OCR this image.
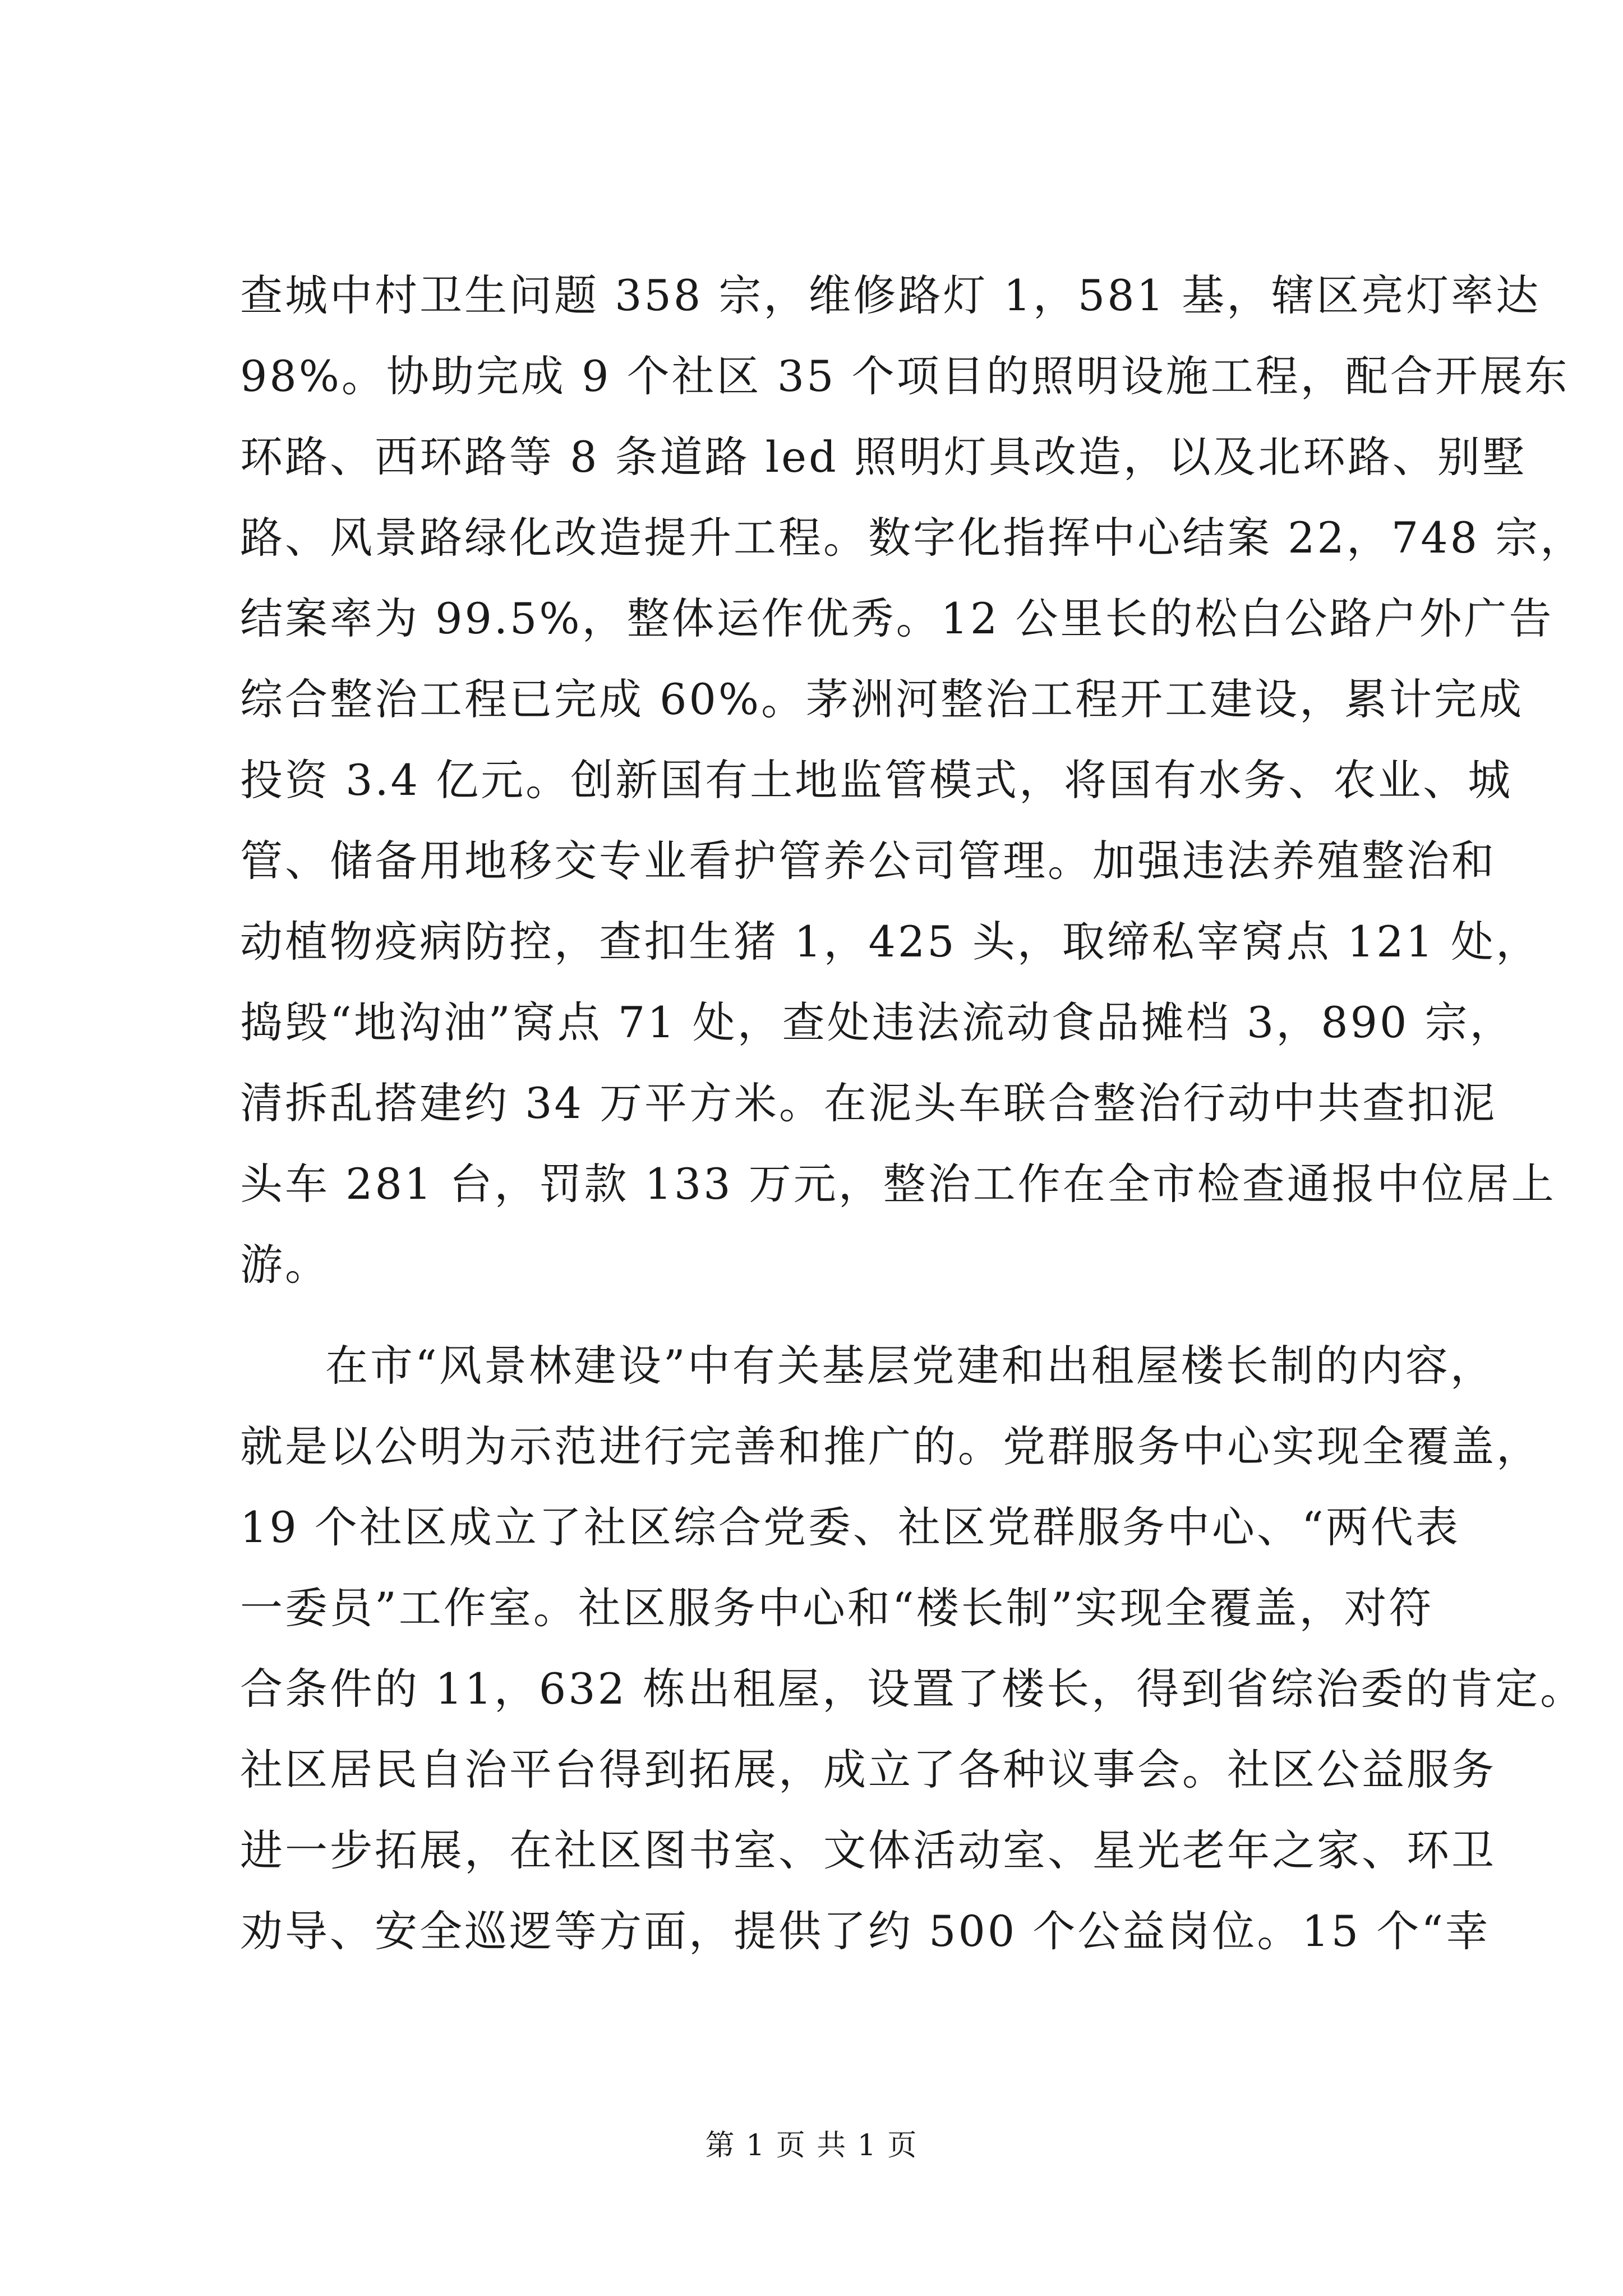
查城中村卫生问题 358 宗，维修路灯 1，581 基，辖区亮灯率达
98%。协助完成 9 个社区 35 个项目的照明设施工程，配合开展东
环路、西环路等 8 条道路 led 照明灯具改造，以及北环路、别墅
路、风景路绿化改造提升工程。数字化指挥中心结案 22，748 宗，
结案率为 99.5%，整体运作优秀。12 公里长的松白公路户外广告
综合整治工程已完成 60%。茅洲河整治工程开工建设，累计完成
投资 3.4 亿元。创新国有土地监管模式，将国有水务、农业、城
管、储备用地移交专业看护管养公司管理。加强违法养殖整治和
动植物疫病防控，查扣生猪 1，425 头，取缔私宰窝点 121 处，
捣毁“地沟油”窝点 71 处，查处违法流动食品摊档 3，890 宗，
清拆乱搭建约 34 万平方米。在泥头车联合整治行动中共查扣泥
头车 281 台，罚款 133 万元，整治工作在全市检查通报中位居上
游。
在市“风景林建设”中有关基层党建和出租屋楼长制的内容，
就是以公明为示范进行完善和推广的。党群服务中心实现全覆盖，
19 个社区成立了社区综合党委、社区党群服务中心、“两代表
一委员”工作室。社区服务中心和“楼长制”实现全覆盖，对符
合条件的 11，632 栋出租屋，设置了楼长，得到省综治委的肯定。
社区居民自治平台得到拓展，成立了各种议事会。社区公益服务
进一步拓展，在社区图书室、文体活动室、星光老年之家、环卫
劝导、安全巡逻等方面，提供了约 500 个公益岗位。15 个“幸
第 1 页 共 1 页
